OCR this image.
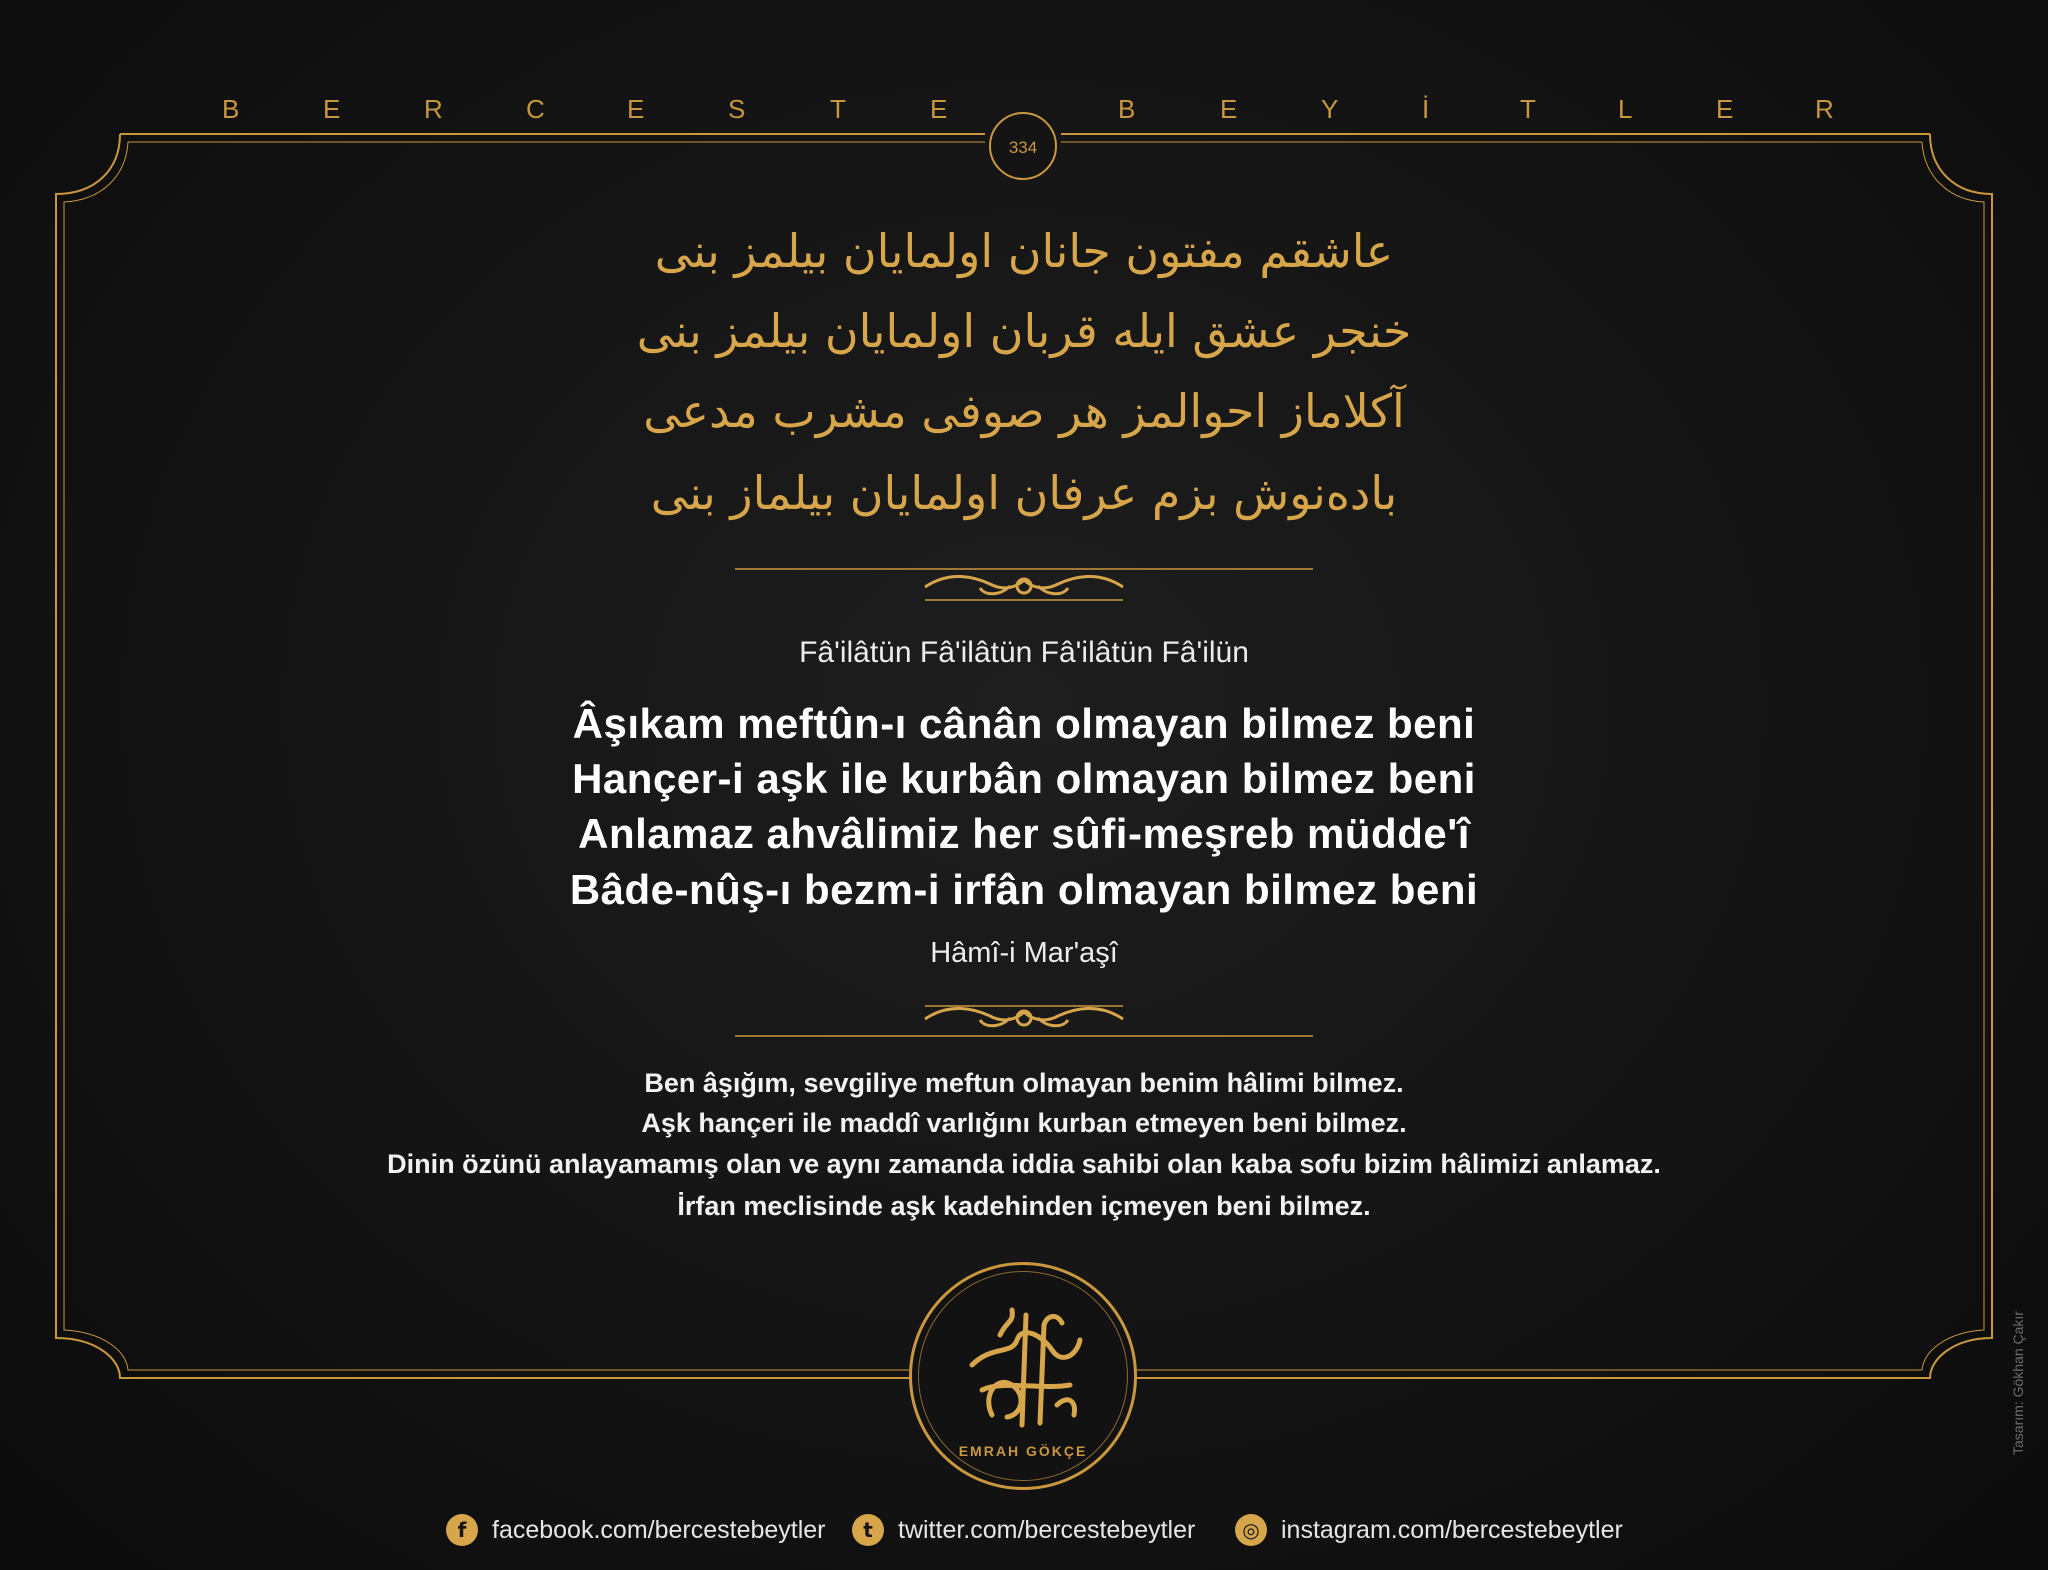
B	E	R	C	E	S	T	E	B	E	Y	İ	T	L	E	R
334
عاشقم مفتون جانان اولمايان بيلمز بنى
خنجر عشق ايله قربان اولمايان بيلمز بنى
آكلاماز احوالمز هر صوفى مشرب مدعى
بادەنوش بزم عرفان اولمايان بيلماز بنى
Fâ'ilâtün Fâ'ilâtün Fâ'ilâtün Fâ'ilün
Âşıkam meftûn-ı cânân olmayan bilmez beni
Hançer-i aşk ile kurbân olmayan bilmez beni
Anlamaz ahvâlimiz her sûfi-meşreb müdde'î
Bâde-nûş-ı bezm-i irfân olmayan bilmez beni
Hâmî-i Mar'aşî
Ben âşığım, sevgiliye meftun olmayan benim hâlimi bilmez.
Aşk hançeri ile maddî varlığını kurban etmeyen beni bilmez.
Dinin özünü anlayamamış olan ve aynı zamanda iddia sahibi olan kaba sofu bizim hâlimizi anlamaz.
İrfan meclisinde aşk kadehinden içmeyen beni bilmez.
EMRAH GÖKÇE
f	facebook.com/bercestebeytler	t	twitter.com/bercestebeytler	◎ instagram.com/bercestebeytler
Tasarım: Gökhan Çakır
